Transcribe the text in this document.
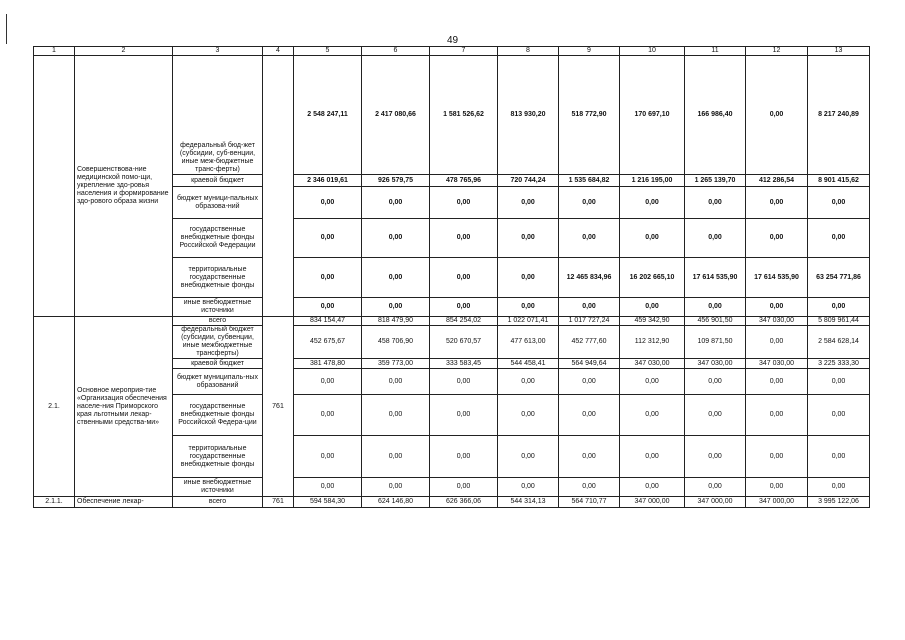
49
1	2	3	4	5	6	7	8	9	10	11	12	13
	Совершенствова-ние медицинской помо-щи, укрепление здо-ровья населения и формирование здо-рового образа жизни	федеральный бюд-жет (субсидии, суб-венции, иные меж-бюджетные транс-ферты)		2 548 247,11	2 417 080,66	1 581 526,62	813 930,20	518 772,90	170 697,10	166 986,40	0,00	8 217 240,89
		краевой бюджет		2 346 019,61	926 579,75	478 765,96	720 744,24	1 535 684,82	1 216 195,00	1 265 139,70	412 286,54	8 901 415,62
		бюджет муници-пальных образова-ний		0,00	0,00	0,00	0,00	0,00	0,00	0,00	0,00	0,00
		государственные внебюджетные фонды Российской Федерации		0,00	0,00	0,00	0,00	0,00	0,00	0,00	0,00	0,00
		территориальные государственные внебюджетные фонды		0,00	0,00	0,00	0,00	12 465 834,96	16 202 665,10	17 614 535,90	17 614 535,90	63 254 771,86
		иные внебюджетные источники		0,00	0,00	0,00	0,00	0,00	0,00	0,00	0,00	0,00
2.1.	Основное мероприя-тие «Организация обеспечения населе-ния Приморского края льготными лекар-ственными средства-ми»	всего	761	834 154,47	818 479,90	854 254,02	1 022 071,41	1 017 727,24	459 342,90	456 901,50	347 030,00	5 809 961,44
		федеральный бюджет (субсидии, субвенции, иные межбюджетные трансферты)		452 675,67	458 706,90	520 670,57	477 613,00	452 777,60	112 312,90	109 871,50	0,00	2 584 628,14
		краевой бюджет		381 478,80	359 773,00	333 583,45	544 458,41	564 949,64	347 030,00	347 030,00	347 030,00	3 225 333,30
		бюджет муниципаль-ных образований		0,00	0,00	0,00	0,00	0,00	0,00	0,00	0,00	0,00
		государственные внебюджетные фонды Российской Федера-ции		0,00	0,00	0,00	0,00	0,00	0,00	0,00	0,00	0,00
		территориальные государственные внебюджетные фонды		0,00	0,00	0,00	0,00	0,00	0,00	0,00	0,00	0,00
		иные внебюджетные источники		0,00	0,00	0,00	0,00	0,00	0,00	0,00	0,00	0,00
2.1.1.	Обеспечение лекар-	всего	761	594 584,30	624 146,80	626 366,06	544 314,13	564 710,77	347 000,00	347 000,00	347 000,00	3 995 122,06
